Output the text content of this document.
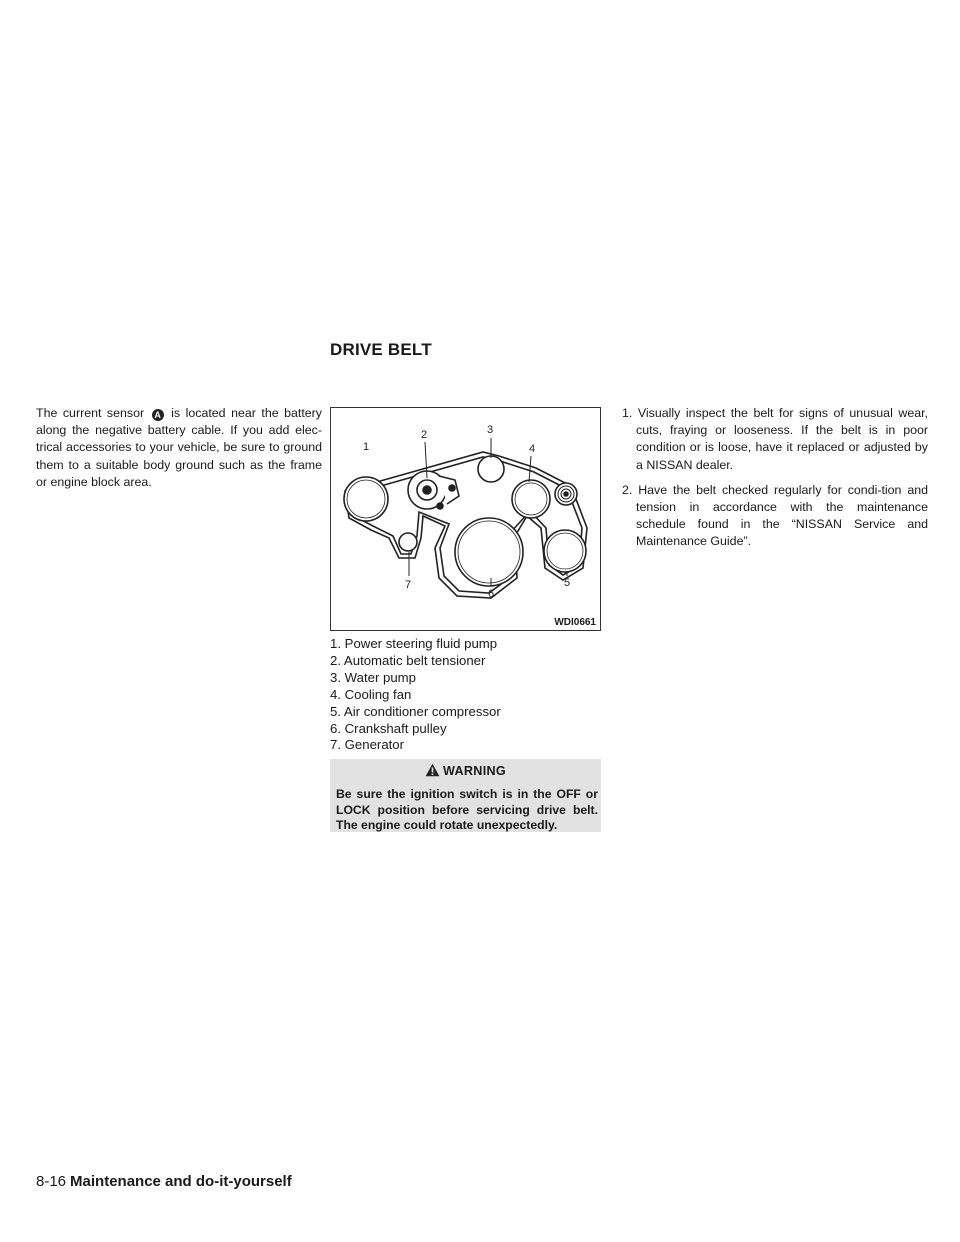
DRIVE BELT
The current sensor A is located near the battery along the negative battery cable. If you add elec-trical accessories to your vehicle, be sure to ground them to a suitable body ground such as the frame or engine block area.
1
2	3
4
5
6
7
WDI0661
1. Power steering fluid pump
2. Automatic belt tensioner
3. Water pump
4. Cooling fan
5. Air conditioner compressor
6. Crankshaft pulley
7. Generator
WARNING
Be sure the ignition switch is in the OFF or LOCK position before servicing drive belt. The engine could rotate unexpectedly.
1. Visually inspect the belt for signs of unusual wear, cuts, fraying or looseness. If the belt is in poor condition or is loose, have it replaced or adjusted by a NISSAN dealer.
2. Have the belt checked regularly for condi-tion and tension in accordance with the maintenance schedule found in the “NISSAN Service and Maintenance Guide”.
8-16 Maintenance and do-it-yourself
